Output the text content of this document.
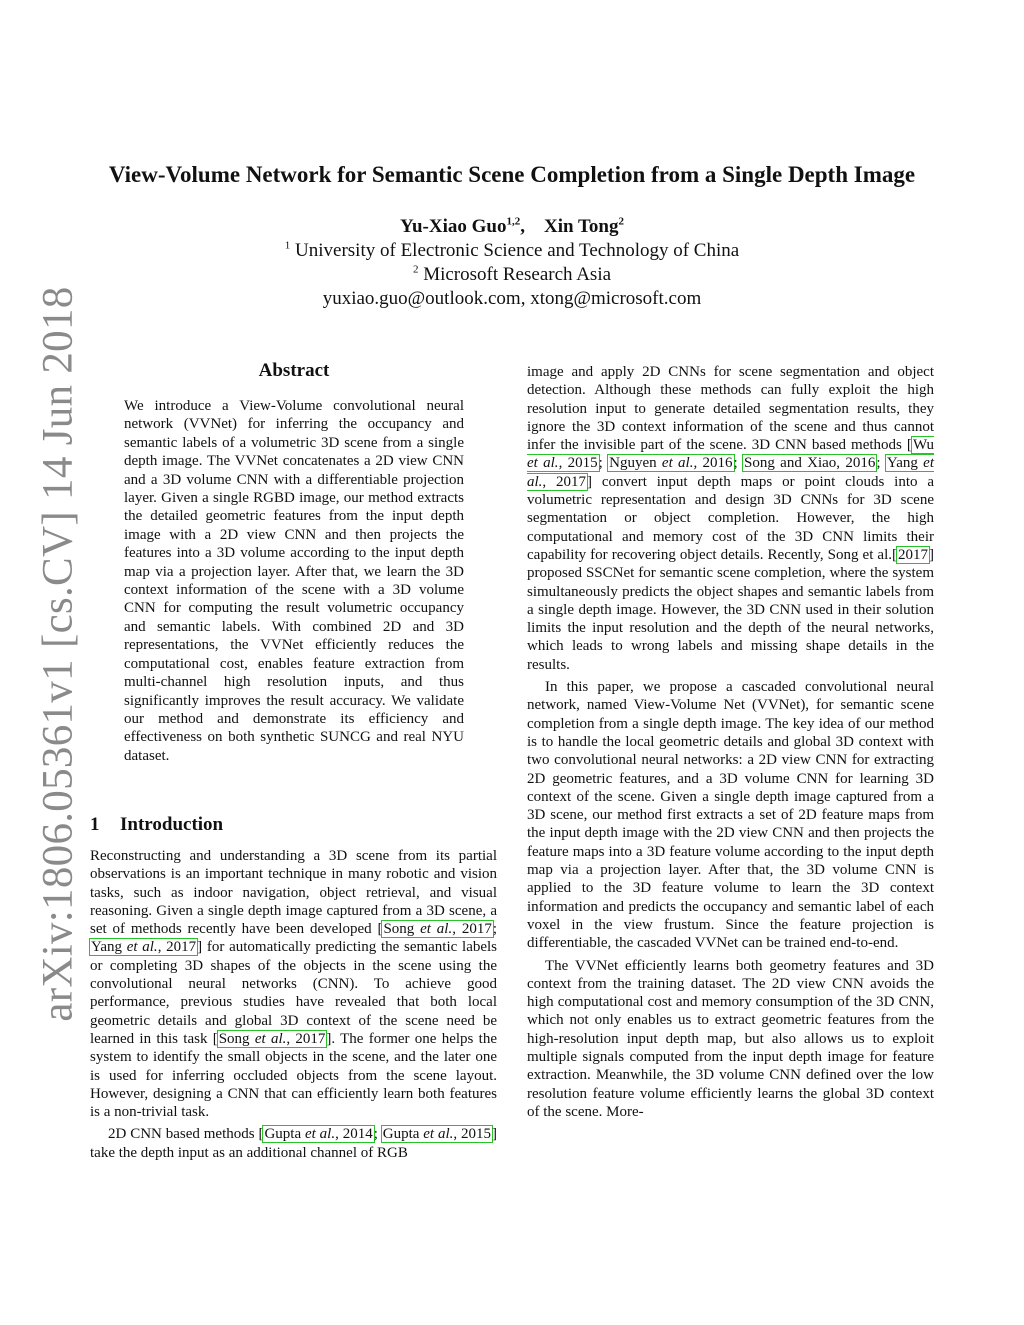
arXiv:1806.05361v1 [cs.CV] 14 Jun 2018
View-Volume Network for Semantic Scene Completion from a Single Depth Image
Yu-Xiao Guo$^{1,2}$, Xin Tong$^2$
$^1$ University of Electronic Science and Technology of China
$^2$ Microsoft Research Asia
yuxiao.guo@outlook.com, xtong@microsoft.com
Abstract
We introduce a View-Volume convolutional neural network (VVNet) for inferring the occupancy and semantic labels of a volumetric 3D scene from a single depth image. The VVNet concatenates a 2D view CNN and a 3D volume CNN with a differentiable projection layer. Given a single RGBD image, our method extracts the detailed geometric features from the input depth image with a 2D view CNN and then projects the features into a 3D volume according to the input depth map via a projection layer. After that, we learn the 3D context information of the scene with a 3D volume CNN for computing the result volumetric occupancy and semantic labels. With combined 2D and 3D representations, the VVNet efficiently reduces the computational cost, enables feature extraction from multi-channel high resolution inputs, and thus significantly improves the result accuracy. We validate our method and demonstrate its efficiency and effectiveness on both synthetic SUNCG and real NYU dataset.
1 Introduction

Reconstructing and understanding a 3D scene from its partial observations is an important technique in many robotic and vision tasks, such as indoor navigation, object retrieval, and visual reasoning. Given a single depth image captured from a 3D scene, a set of methods recently have been developed [Song et al., 2017; Yang et al., 2017] for automatically predicting the semantic labels or completing 3D shapes of the objects in the scene using the convolutional neural networks (CNN). To achieve good performance, previous studies have revealed that both local geometric details and global 3D context of the scene need be learned in this task [Song et al., 2017]. The former one helps the system to identify the small objects in the scene, and the later one is used for inferring occluded objects from the scene layout. However, designing a CNN that can efficiently learn both features is a non-trivial task.

2D CNN based methods [Gupta et al., 2014; Gupta et al., 2015] take the depth input as an additional channel of RGB

image and apply 2D CNNs for scene segmentation and object detection. Although these methods can fully exploit the high resolution input to generate detailed segmentation results, they ignore the 3D context information of the scene and thus cannot infer the invisible part of the scene. 3D CNN based methods [Wu et al., 2015; Nguyen et al., 2016; Song and Xiao, 2016; Yang et al., 2017] convert input depth maps or point clouds into a volumetric representation and design 3D CNNs for 3D scene segmentation or object completion. However, the high computational and memory cost of the 3D CNN limits their capability for recovering object details. Recently, Song et al.[2017] proposed SSCNet for semantic scene completion, where the system simultaneously predicts the object shapes and semantic labels from a single depth image. However, the 3D CNN used in their solution limits the input resolution and the depth of the neural networks, which leads to wrong labels and missing shape details in the results.

In this paper, we propose a cascaded convolutional neural network, named View-Volume Net (VVNet), for semantic scene completion from a single depth image. The key idea of our method is to handle the local geometric details and global 3D context with two convolutional neural networks: a 2D view CNN for extracting 2D geometric features, and a 3D volume CNN for learning 3D context of the scene. Given a single depth image captured from a 3D scene, our method first extracts a set of 2D feature maps from the input depth image with the 2D view CNN and then projects the feature maps into a 3D feature volume according to the input depth map via a projection layer. After that, the 3D volume CNN is applied to the 3D feature volume to learn the 3D context information and predicts the occupancy and semantic label of each voxel in the view frustum. Since the feature projection is differentiable, the cascaded VVNet can be trained end-to-end.

The VVNet efficiently learns both geometry features and 3D context from the training dataset. The 2D view CNN avoids the high computational cost and memory consumption of the 3D CNN, which not only enables us to extract geometric features from the high-resolution input depth map, but also allows us to exploit multiple signals computed from the input depth image for feature extraction. Meanwhile, the 3D volume CNN defined over the low resolution feature volume efficiently learns the global 3D context of the scene. More-
